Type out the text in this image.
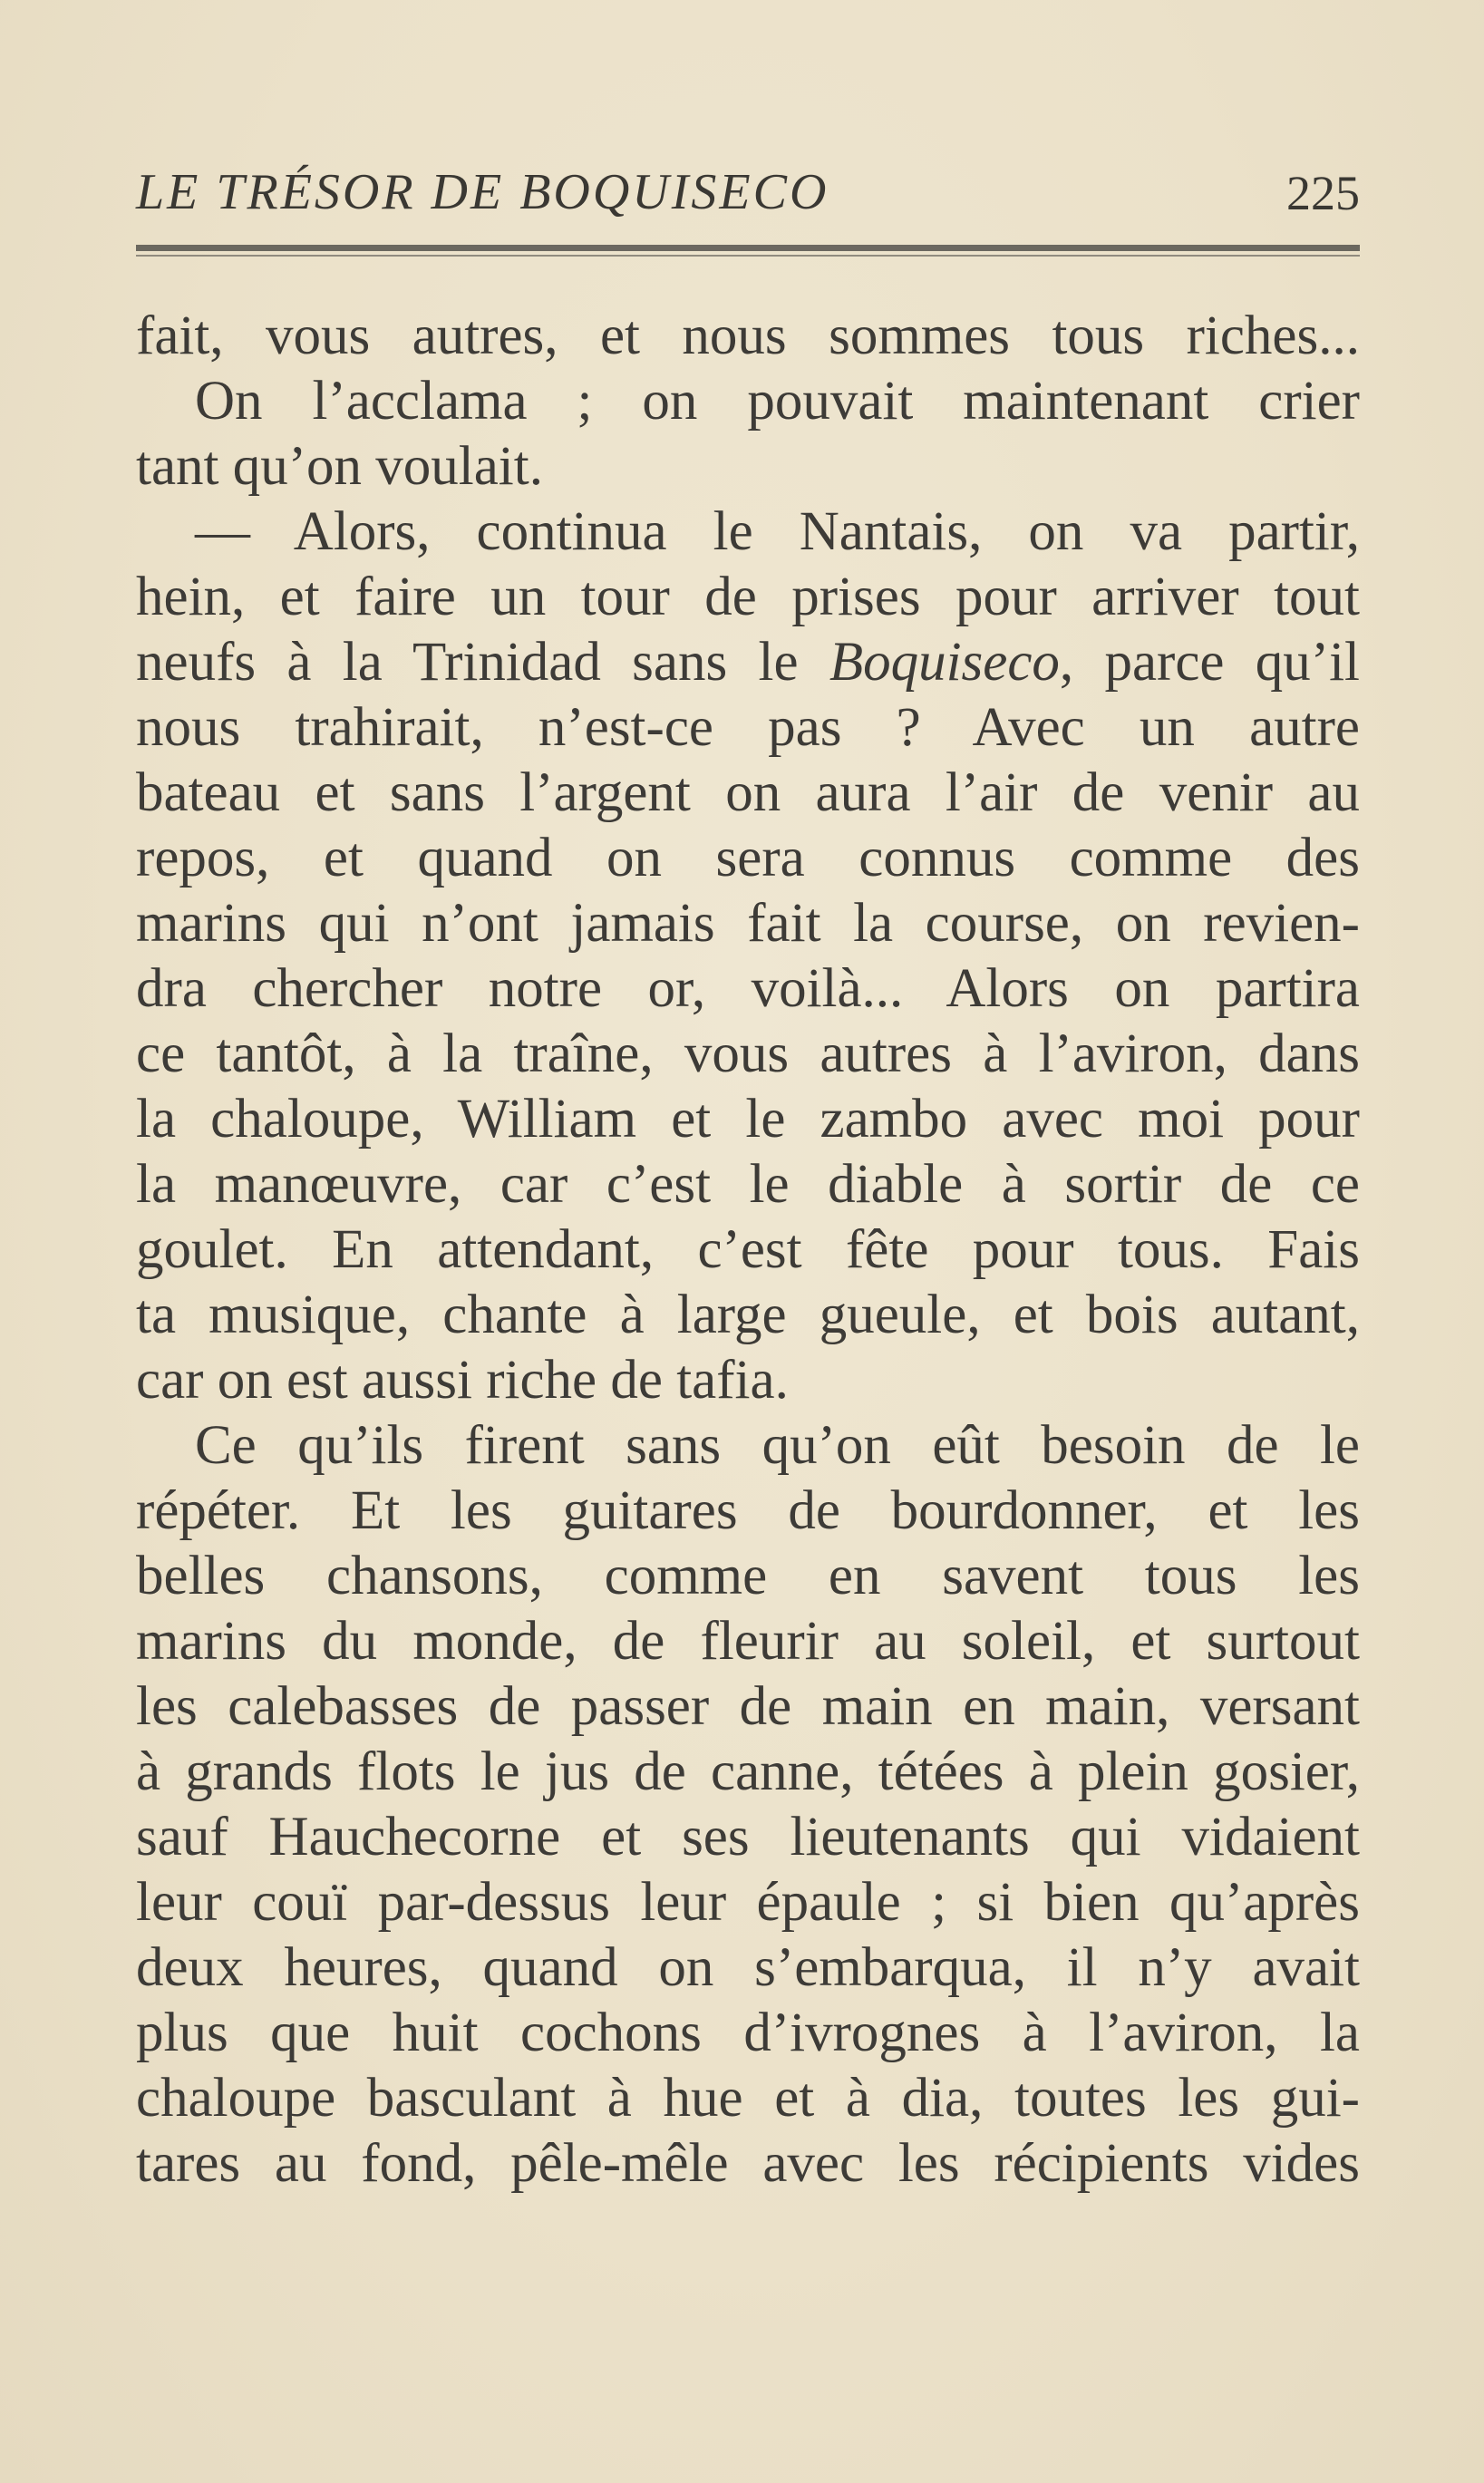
LE TRÉSOR DE BOQUISECO	225
fait, vous autres, et nous sommes tous riches...
On l’acclama ; on pouvait maintenant crier
tant qu’on voulait.
— Alors, continua le Nantais, on va partir,
hein, et faire un tour de prises pour arriver tout
neufs à la Trinidad sans le Boquiseco, parce qu’il
nous trahirait, n’est-ce pas ? Avec un autre
bateau et sans l’argent on aura l’air de venir au
repos, et quand on sera connus comme des
marins qui n’ont jamais fait la course, on revien-
dra chercher notre or, voilà... Alors on partira
ce tantôt, à la traîne, vous autres à l’aviron, dans
la chaloupe, William et le zambo avec moi pour
la manœuvre, car c’est le diable à sortir de ce
goulet. En attendant, c’est fête pour tous. Fais
ta musique, chante à large gueule, et bois autant,
car on est aussi riche de tafia.
Ce qu’ils firent sans qu’on eût besoin de le
répéter. Et les guitares de bourdonner, et les
belles chansons, comme en savent tous les
marins du monde, de fleurir au soleil, et surtout
les calebasses de passer de main en main, versant
à grands flots le jus de canne, tétées à plein gosier,
sauf Hauchecorne et ses lieutenants qui vidaient
leur couï par-dessus leur épaule ; si bien qu’après
deux heures, quand on s’embarqua, il n’y avait
plus que huit cochons d’ivrognes à l’aviron, la
chaloupe basculant à hue et à dia, toutes les gui-
tares au fond, pêle-mêle avec les récipients vides
